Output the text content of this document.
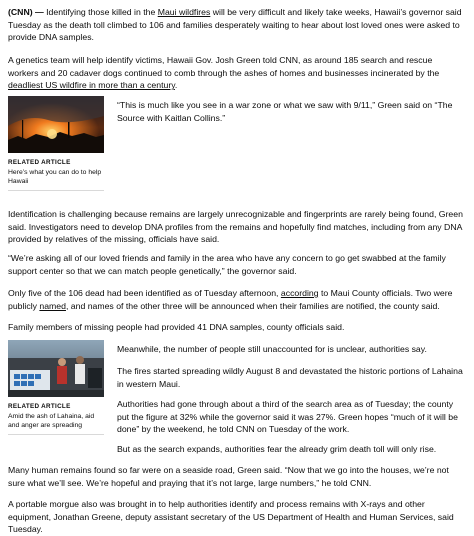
(CNN) — Identifying those killed in the Maui wildfires will be very difficult and likely take weeks, Hawaii’s governor said Tuesday as the death toll climbed to 106 and families desperately waiting to hear about lost loved ones were asked to provide DNA samples.

A genetics team will help identify victims, Hawaii Gov. Josh Green told CNN, as around 185 search and rescue workers and 20 cadaver dogs continued to comb through the ashes of homes and businesses incinerated by the deadliest US wildfire in more than a century.

RELATED ARTICLE
Here’s what you can do to help Hawaii

“This is much like you see in a war zone or what we saw with 9/11,” Green said on “The Source with Kaitlan Collins.”

Identification is challenging because remains are largely unrecognizable and fingerprints are rarely being found, Green said. Investigators need to develop DNA profiles from the remains and hopefully find matches, including from any DNA provided by relatives of the missing, officials have said.

“We’re asking all of our loved friends and family in the area who have any concern to go get swabbed at the family support center so that we can match people genetically,” the governor said.

Only five of the 106 dead had been identified as of Tuesday afternoon, according to Maui County officials. Two were publicly named, and names of the other three will be announced when their families are notified, the county said.

Family members of missing people had provided 41 DNA samples, county officials said.

RELATED ARTICLE
Amid the ash of Lahaina, aid and anger are spreading

Meanwhile, the number of people still unaccounted for is unclear, authorities say.

The fires started spreading wildly August 8 and devastated the historic portions of Lahaina in western Maui.

Authorities had gone through about a third of the search area as of Tuesday; the county put the figure at 32% while the governor said it was 27%. Green hopes “much of it will be done” by the weekend, he told CNN on Tuesday of the work.

But as the search expands, authorities fear the already grim death toll will only rise.

Many human remains found so far were on a seaside road, Green said. “Now that we go into the houses, we’re not sure what we’ll see. We’re hopeful and praying that it’s not large, large numbers,” he told CNN.

A portable morgue also was brought in to help authorities identify and process remains with X-rays and other equipment, Jonathan Greene, deputy assistant secretary of the US Department of Health and Human Services, said Tuesday.
